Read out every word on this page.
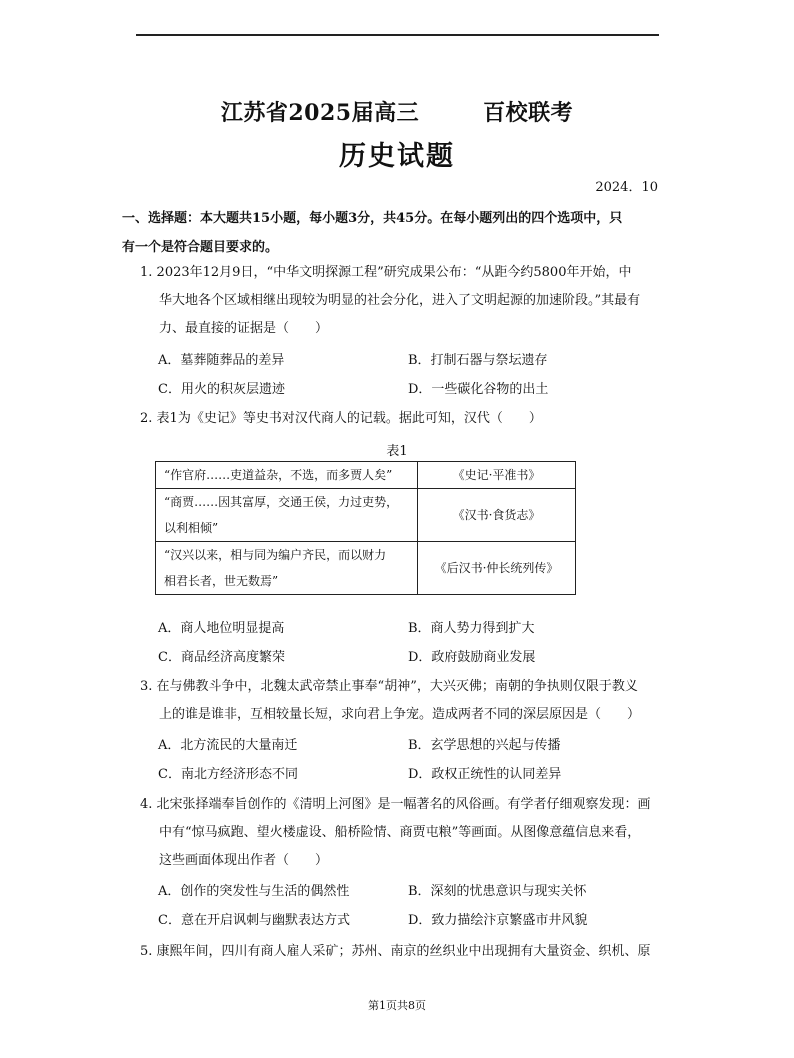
江苏省2025届高三	百校联考
历史试题
2024．10
一、选择题：本大题共15小题，每小题3分，共45分。在每小题列出的四个选项中，只
有一个是符合题目要求的。
1. 2023年12月9日，“中华文明探源工程”研究成果公布：“从距今约5800年开始，中
华大地各个区域相继出现较为明显的社会分化，进入了文明起源的加速阶段。”其最有
力、最直接的证据是（　　）
A．墓葬随葬品的差异	B．打制石器与祭坛遗存
C．用火的积灰层遗迹	D．一些碳化谷物的出土
2. 表1为《史记》等史书对汉代商人的记载。据此可知，汉代（　　）
表1
“作官府……吏道益杂，不选，而多贾人矣”	《史记·平准书》

“商贾……因其富厚，交通王侯，力过吏势，
以利相倾”	《汉书·食货志》

“汉兴以来，相与同为编户齐民，而以财力
相君长者，世无数焉”	《后汉书·仲长统列传》
A．商人地位明显提高	B．商人势力得到扩大
C．商品经济高度繁荣	D．政府鼓励商业发展
3. 在与佛教斗争中，北魏太武帝禁止事奉“胡神”，大兴灭佛；南朝的争执则仅限于教义
上的谁是谁非，互相较量长短，求向君上争宠。造成两者不同的深层原因是（　　）
A．北方流民的大量南迁	B．玄学思想的兴起与传播
C．南北方经济形态不同	D．政权正统性的认同差异
4. 北宋张择端奉旨创作的《清明上河图》是一幅著名的风俗画。有学者仔细观察发现：画
中有“惊马疯跑、望火楼虚设、船桥险情、商贾屯粮”等画面。从图像意蕴信息来看，
这些画面体现出作者（　　）
A．创作的突发性与生活的偶然性	B．深刻的忧患意识与现实关怀
C．意在开启讽刺与幽默表达方式	D．致力描绘汴京繁盛市井风貌
5. 康熙年间，四川有商人雇人采矿；苏州、南京的丝织业中出现拥有大量资金、织机、原
第1页共8页
